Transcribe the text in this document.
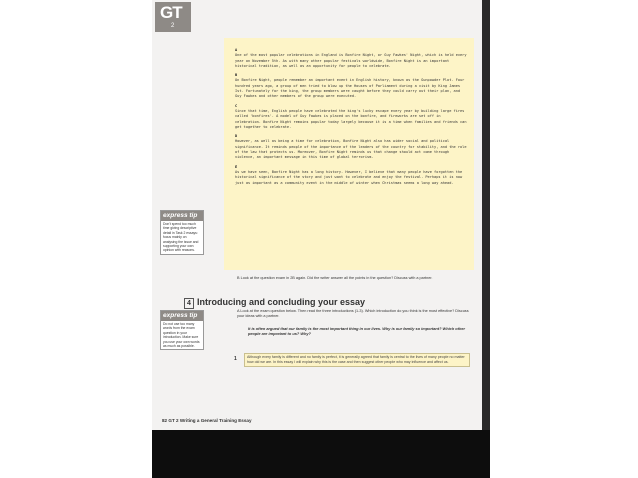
GT
2
A

One of the most popular celebrations in England is Bonfire Night, or Guy Fawkes' Night, which is held every year on November 5th. As with many other popular festivals worldwide, Bonfire Night is an important historical tradition, as well as an opportunity for people to celebrate.

B

On Bonfire Night, people remember an important event in English history, known as the Gunpowder Plot. Four hundred years ago, a group of men tried to blow up the Houses of Parliament during a visit by King James Ist. Fortunately for the king, the group members were caught before they could carry out their plan, and Guy Fawkes and other members of the group were executed.

C

Since that time, English people have celebrated the king's lucky escape every year by building large fires called 'bonfires'. A model of Guy Fawkes is placed on the bonfire, and fireworks are set off in celebration. Bonfire Night remains popular today largely because it is a time when families and friends can get together to celebrate.

D

However, as well as being a time for celebration, Bonfire Night also has wider social and political significance. It reminds people of the importance of the leaders of the country for stability, and the role of the law that protects us. Moreover, Bonfire Night reminds us that change should act come through violence, an important message in this time of global terrorism.

E

As we have seen, Bonfire Night has a long history. However, I believe that many people have forgotten the historical significance of the story and just want to celebrate and enjoy the festival. Perhaps it is now just as important as a community event in the middle of winter when Christmas seems a long way ahead.

express tip
Don't spend too much time giving descriptive detail in Task 2 essays: focus mainly on analysing the issue and supporting your own opinion with reasons.
B Look at the question exam in 2B again. Did the writer answer all the points in the question? Discuss with a partner.
4 Introducing and concluding your essay
express tip
Do not use too many words from the exam question in your introduction. Make sure you use your own words as much as possible.
A Look at the exam question below. Then read the three introductions (1-3). Which introduction do you think is the most effective? Discuss your ideas with a partner.
It is often argued that our family is the most important thing in our lives. Why is our family so important? Which other people are important to us? Why?
1	Although every family is different and no family is perfect, it is generally agreed that family is central to the lives of many people no matter how old we are. In this essay I will explain why this is the case and then suggest other people who may influence and affect us.
82 GT 2 Writing a General Training Essay
